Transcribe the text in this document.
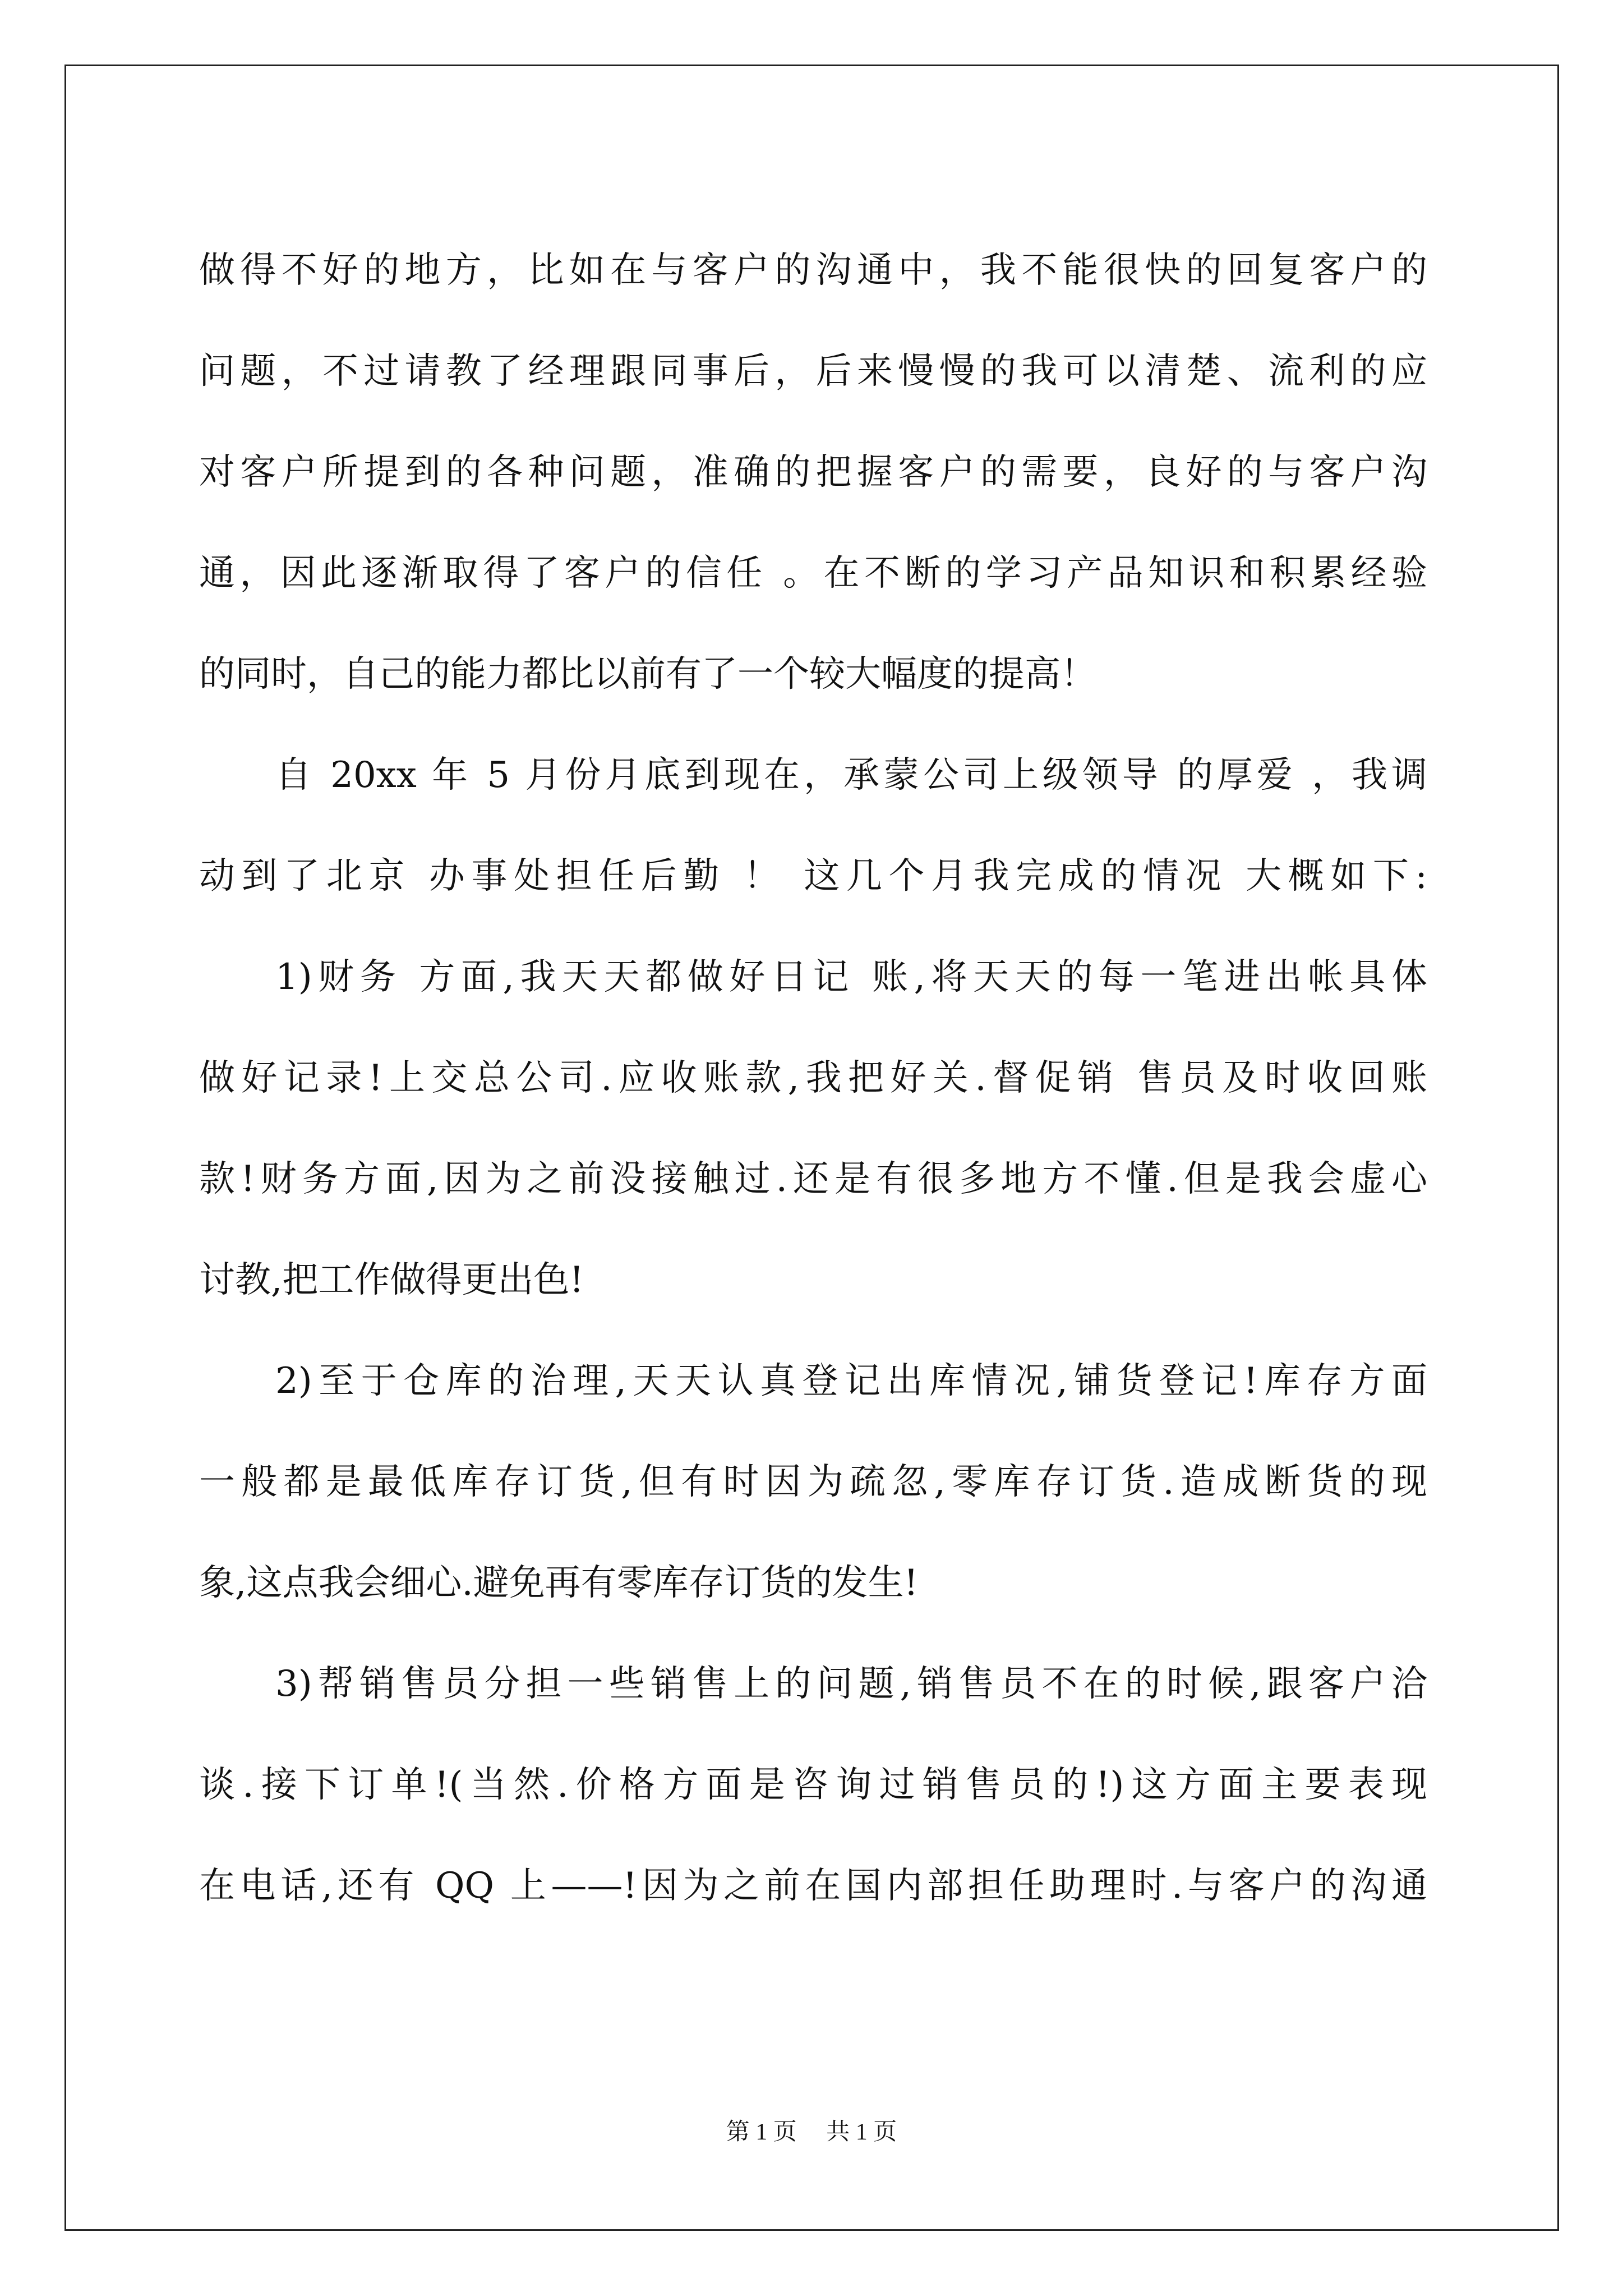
做得不好的地方，比如在与客户的沟通中，我不能很快的回复客户的
问题，不过请教了经理跟同事后，后来慢慢的我可以清楚、流利的应
对客户所提到的各种问题，准确的把握客户的需要，良好的与客户沟
通，因此逐渐取得了客户的信任 。在不断的学习产品知识和积累经验
的同时，自己的能力都比以前有了一个较大幅度的提高！

自 20xx 年 5 月份月底到现在，承蒙公司上级领导 的厚爱 ，我调
动到了北京 办事处担任后勤 ！ 这几个月我完成的情况 大概如下:

1)财务 方面,我天天都做好日记 账,将天天的每一笔进出帐具体
做好记录!上交总公司.应收账款,我把好关.督促销 售员及时收回账
款!财务方面,因为之前没接触过.还是有很多地方不懂.但是我会虚心
讨教,把工作做得更出色!

2)至于仓库的治理,天天认真登记出库情况,铺货登记!库存方面
一般都是最低库存订货,但有时因为疏忽,零库存订货.造成断货的现
象,这点我会细心.避免再有零库存订货的发生!

3)帮销售员分担一些销售上的问题,销售员不在的时候,跟客户洽
谈.接下订单!(当然.价格方面是咨询过销售员的!)这方面主要表现
在电话,还有 QQ 上——!因为之前在国内部担任助理时.与客户的沟通

第 1 页　 共 1 页
